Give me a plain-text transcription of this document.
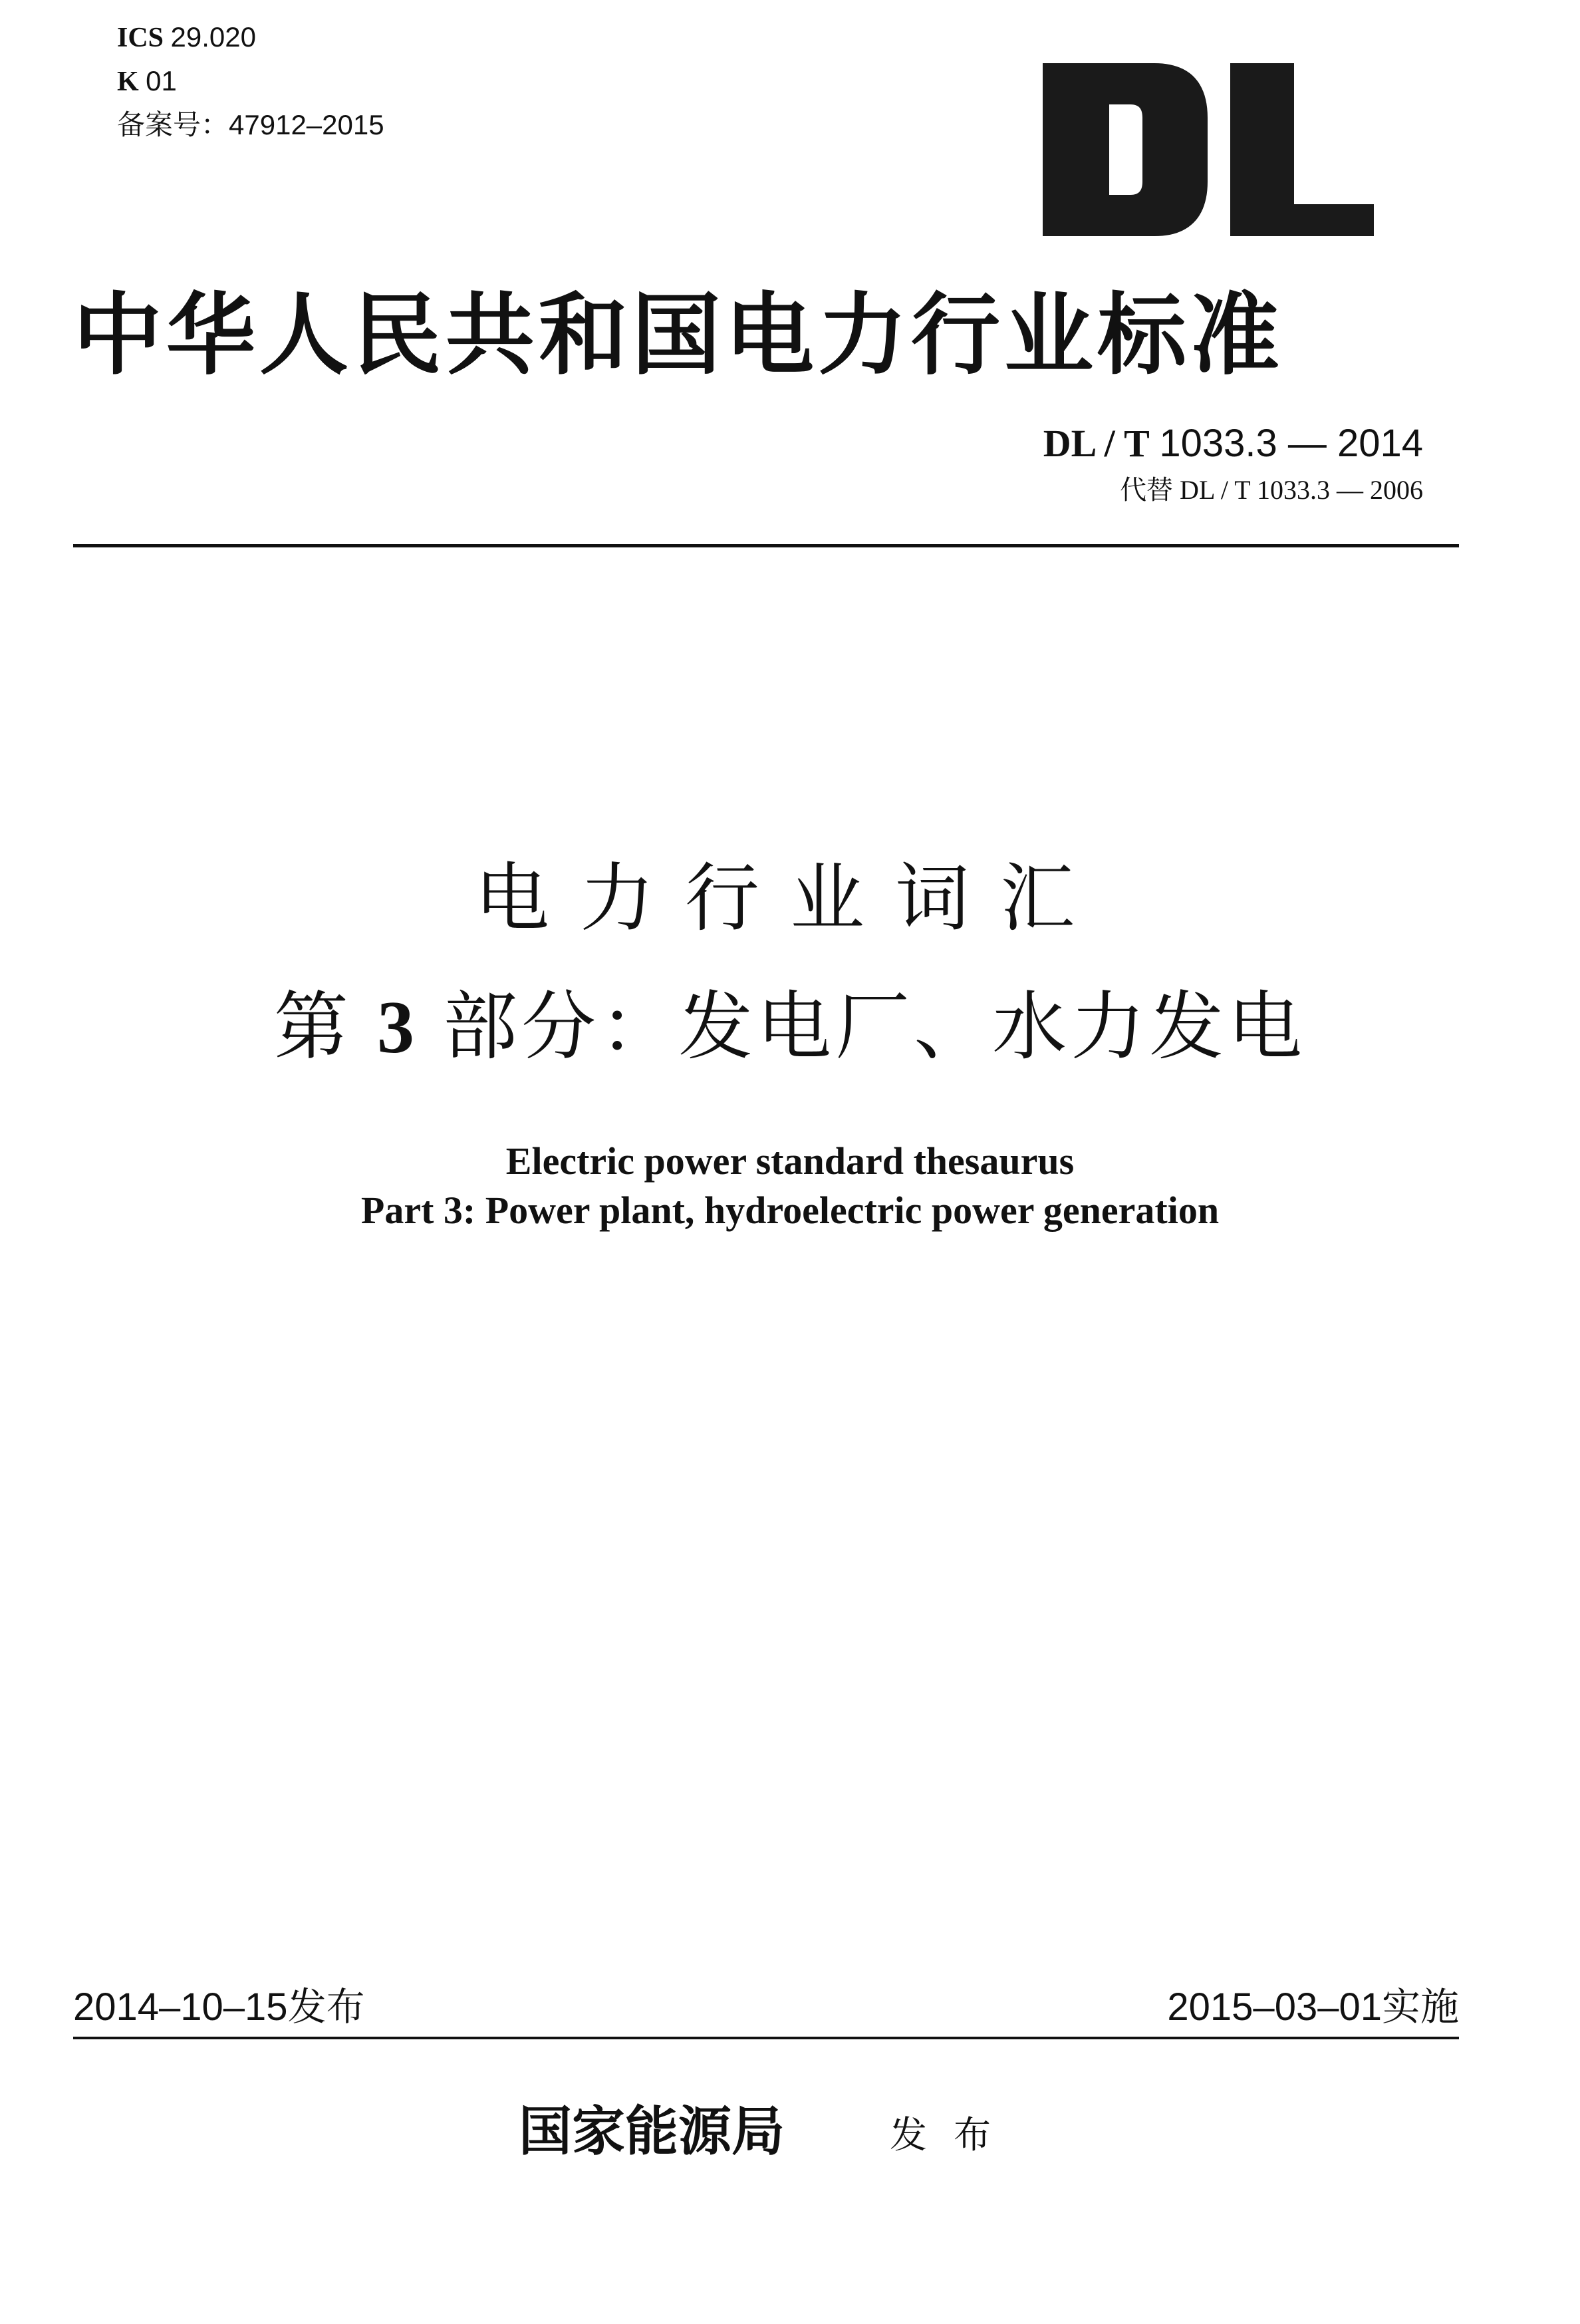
ICS 29.020
K 01
备案号：47912–2015
中华人民共和国电力行业标准
DL / T 1033.3 — 2014
代替 DL / T 1033.3 — 2006
电力行业词汇
第 3 部分：发电厂、水力发电
Electric power standard thesaurus
Part 3: Power plant, hydroelectric power generation
2014–10–15发布	2015–03–01实施
国家能源局	发布
